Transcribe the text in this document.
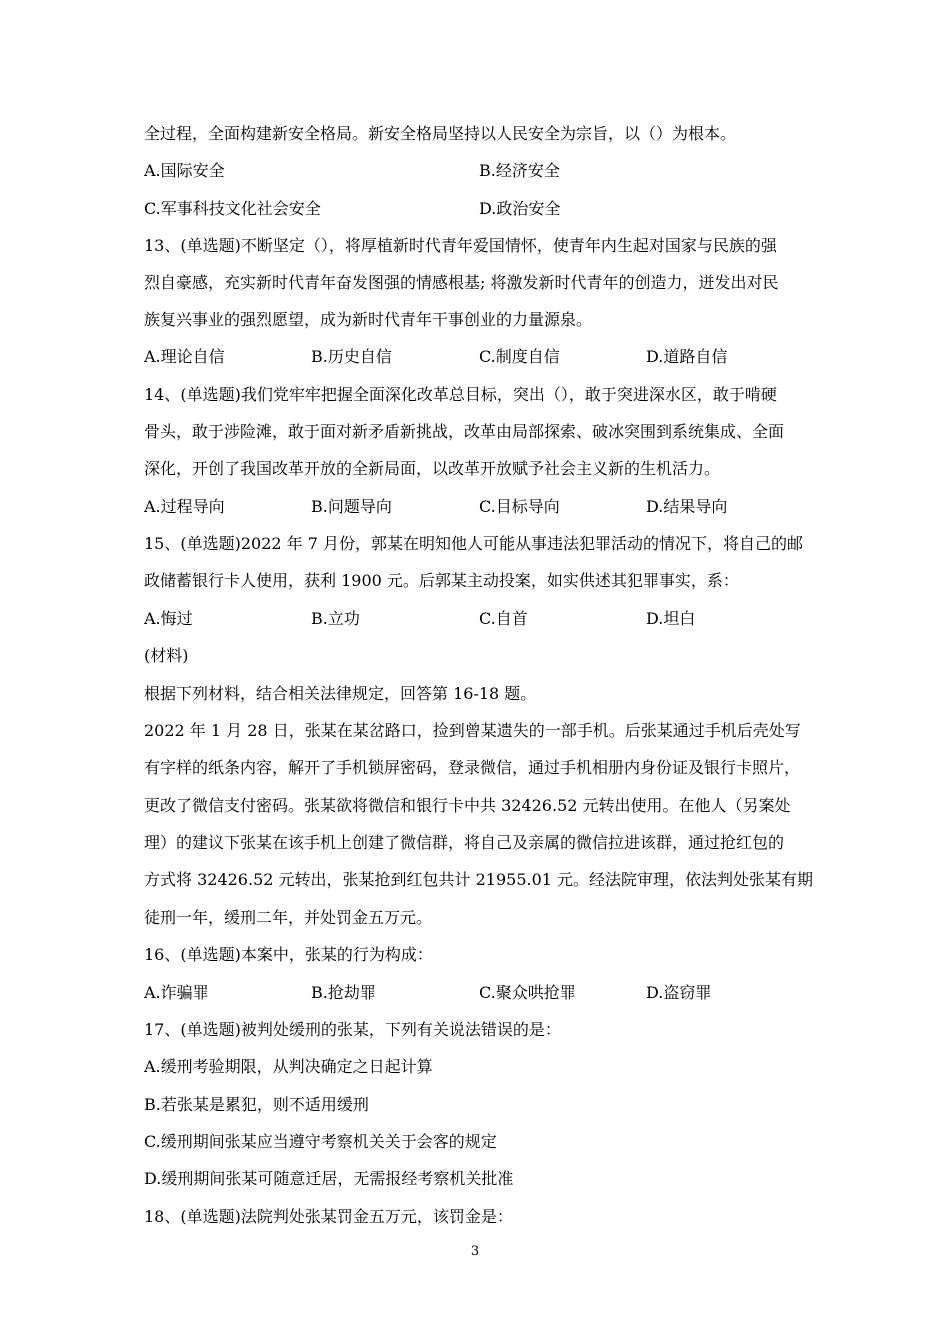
全过程，全面构建新安全格局。新安全格局坚持以人民安全为宗旨，以（）为根本。
A.国际安全	B.经济安全
C.军事科技文化社会安全	D.政治安全
13、(单选题)不断坚定（），将厚植新时代青年爱国情怀，使青年内生起对国家与民族的强
烈自豪感，充实新时代青年奋发图强的情感根基; 将激发新时代青年的创造力，迸发出对民
族复兴事业的强烈愿望，成为新时代青年干事创业的力量源泉。
A.理论自信	B.历史自信	C.制度自信	D.道路自信
14、(单选题)我们党牢牢把握全面深化改革总目标，突出（），敢于突进深水区，敢于啃硬
骨头，敢于涉险滩，敢于面对新矛盾新挑战，改革由局部探索、破冰突围到系统集成、全面
深化，开创了我国改革开放的全新局面，以改革开放赋予社会主义新的生机活力。
A.过程导向	B.问题导向	C.目标导向	D.结果导向
15、(单选题)2022 年 7 月份，郭某在明知他人可能从事违法犯罪活动的情况下，将自己的邮
政储蓄银行卡人使用，获利 1900 元。后郭某主动投案，如实供述其犯罪事实，系：
A.悔过	B.立功	C.自首	D.坦白
(材料)
根据下列材料，结合相关法律规定，回答第 16-18 题。
2022 年 1 月 28 日，张某在某岔路口，捡到曾某遗失的一部手机。后张某通过手机后壳处写
有字样的纸条内容，解开了手机锁屏密码，登录微信，通过手机相册内身份证及银行卡照片，
更改了微信支付密码。张某欲将微信和银行卡中共 32426.52 元转出使用。在他人（另案处
理）的建议下张某在该手机上创建了微信群，将自己及亲属的微信拉进该群，通过抢红包的
方式将 32426.52 元转出，张某抢到红包共计 21955.01 元。经法院审理，依法判处张某有期
徒刑一年，缓刑二年，并处罚金五万元。
16、(单选题)本案中，张某的行为构成：
A.诈骗罪	B.抢劫罪	C.聚众哄抢罪	D.盗窃罪
17、(单选题)被判处缓刑的张某，下列有关说法错误的是：
A.缓刑考验期限，从判决确定之日起计算
B.若张某是累犯，则不适用缓刑
C.缓刑期间张某应当遵守考察机关关于会客的规定
D.缓刑期间张某可随意迁居，无需报经考察机关批准
18、(单选题)法院判处张某罚金五万元，该罚金是：
3
